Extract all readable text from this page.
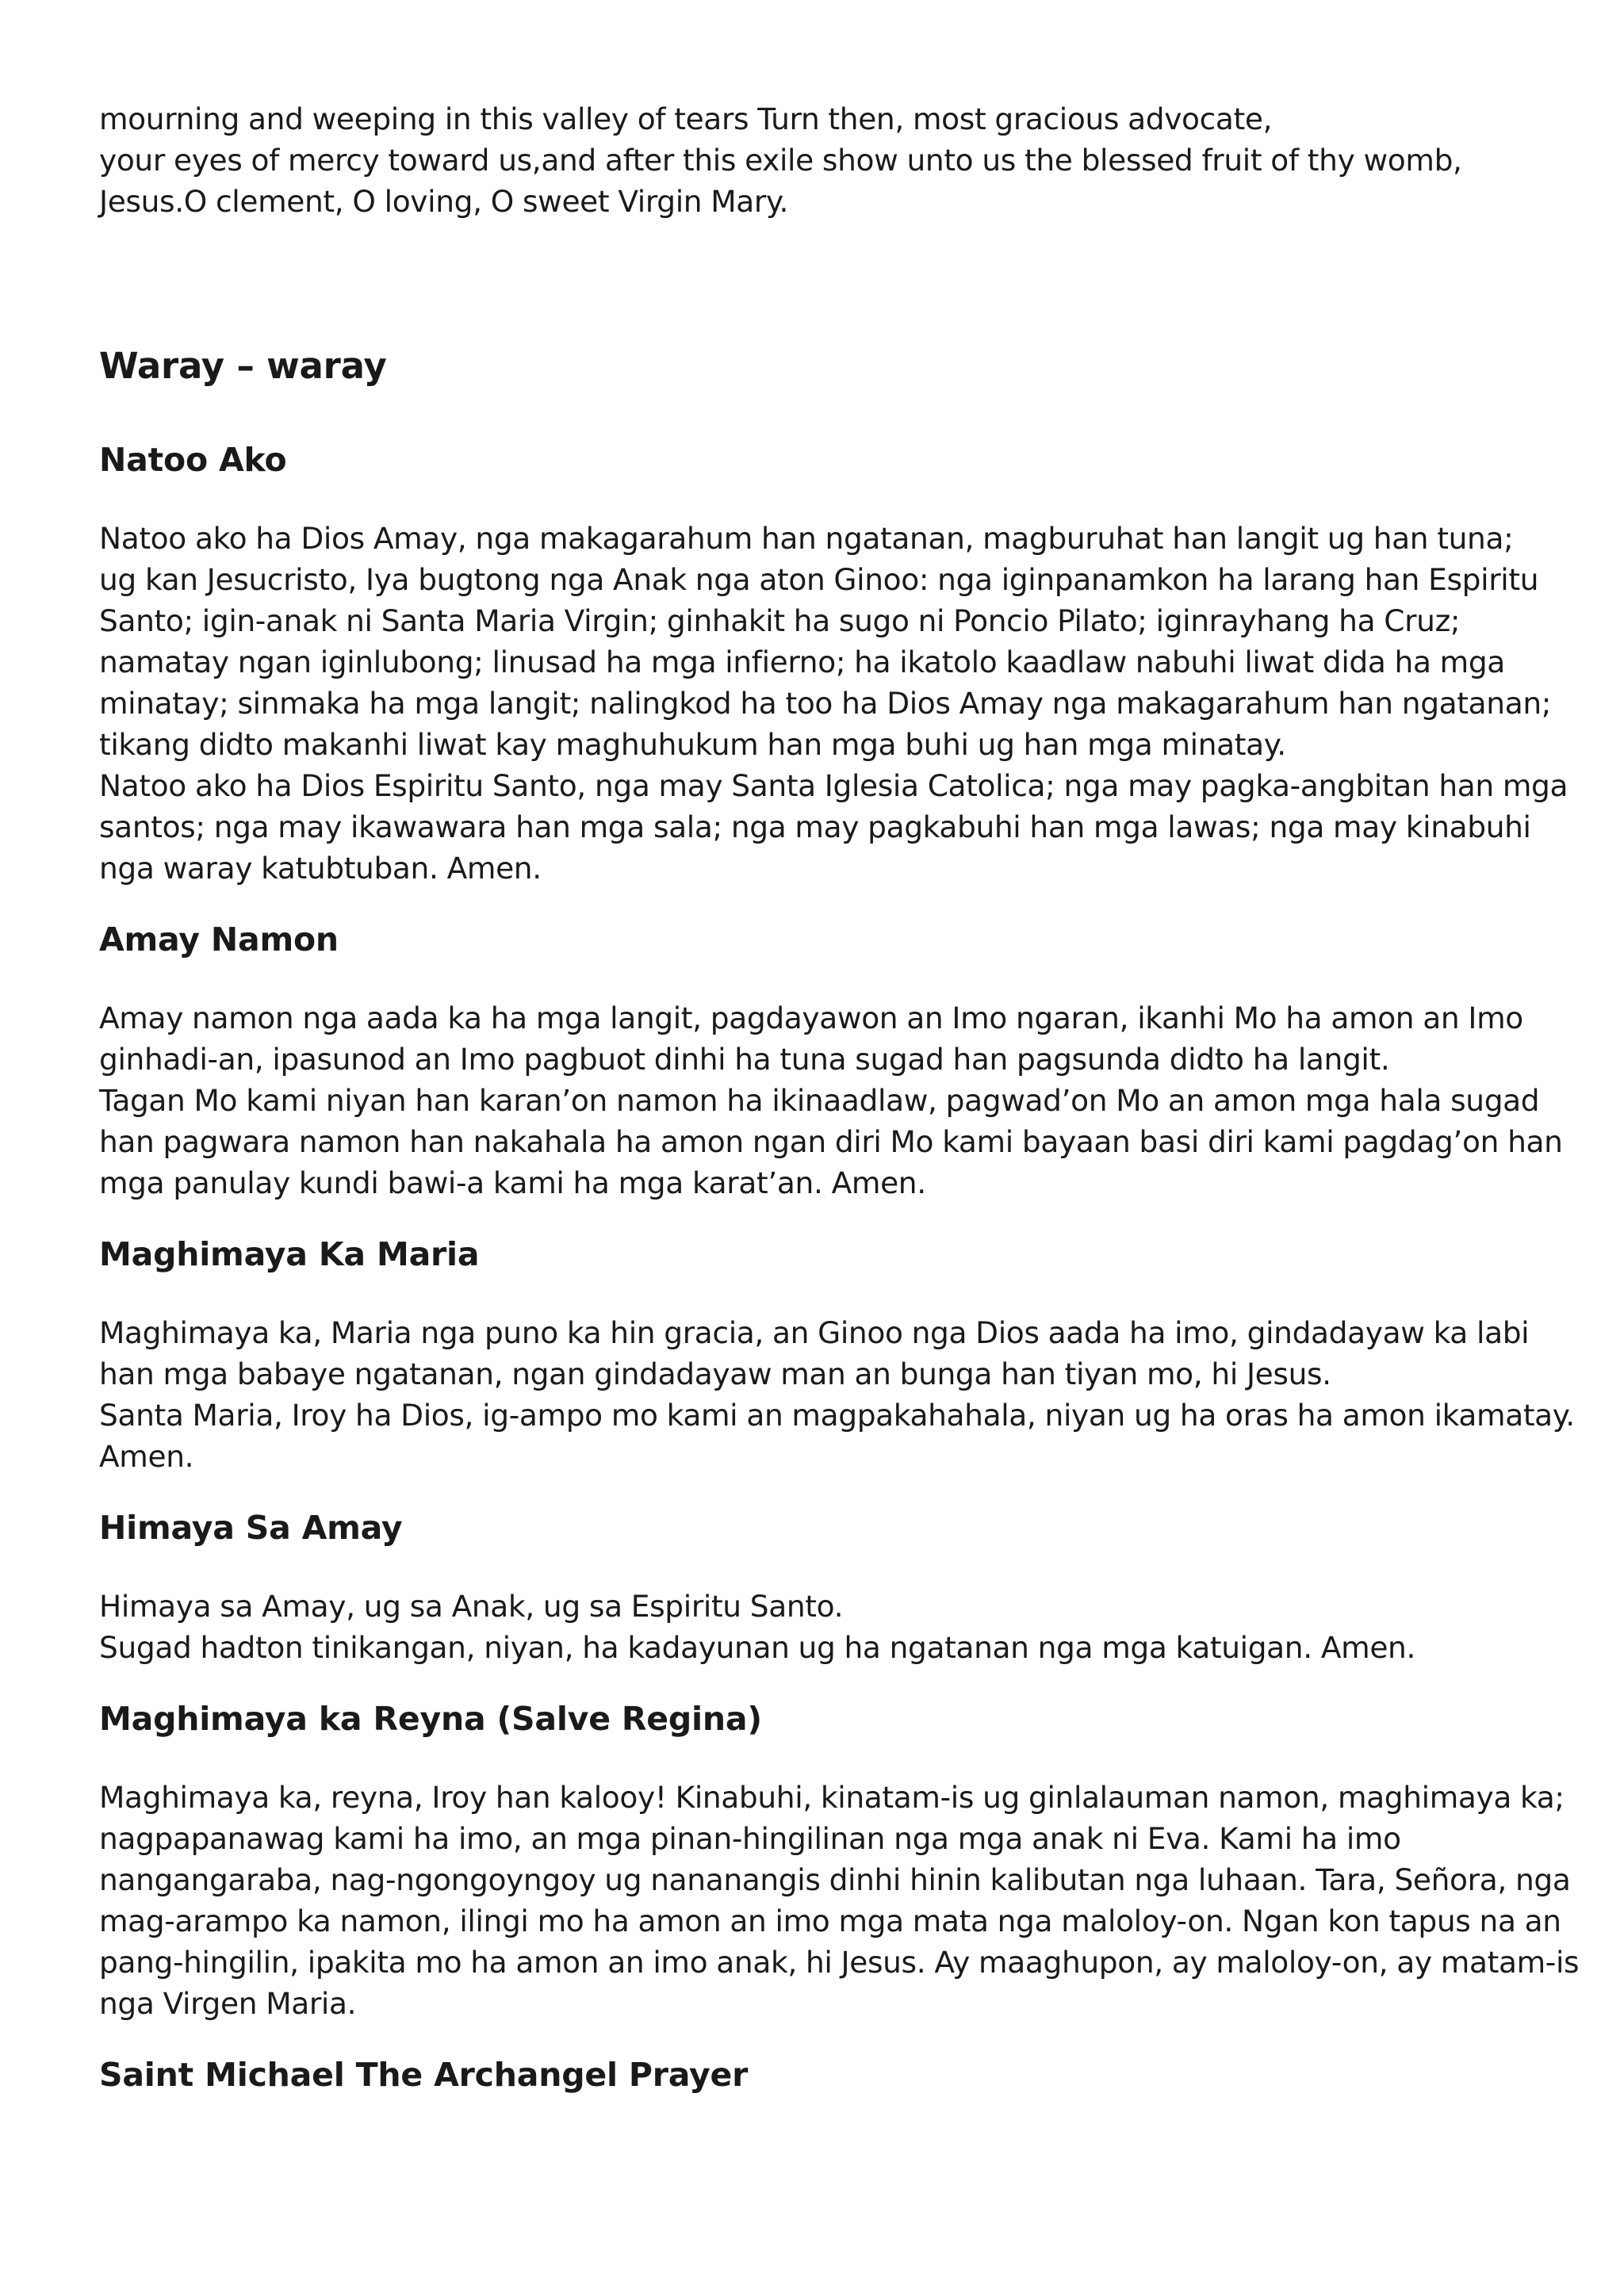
mourning and weeping in this valley of tears Turn then, most gracious advocate,
your eyes of mercy toward us,and after this exile show unto us the blessed fruit of thy womb,
Jesus.O clement, O loving, O sweet Virgin Mary.
Waray – waray
Natoo Ako
Natoo ako ha Dios Amay, nga makagarahum han ngatanan, magburuhat han langit ug han tuna;
ug kan Jesucristo, Iya bugtong nga Anak nga aton Ginoo: nga iginpanamkon ha larang han Espiritu
Santo; igin-anak ni Santa Maria Virgin; ginhakit ha sugo ni Poncio Pilato; iginrayhang ha Cruz;
namatay ngan iginlubong; linusad ha mga infierno; ha ikatolo kaadlaw nabuhi liwat dida ha mga
minatay; sinmaka ha mga langit; nalingkod ha too ha Dios Amay nga makagarahum han ngatanan;
tikang didto makanhi liwat kay maghuhukum han mga buhi ug han mga minatay.
Natoo ako ha Dios Espiritu Santo, nga may Santa Iglesia Catolica; nga may pagka-angbitan han mga
santos; nga may ikawawara han mga sala; nga may pagkabuhi han mga lawas; nga may kinabuhi
nga waray katubtuban. Amen.
Amay Namon
Amay namon nga aada ka ha mga langit, pagdayawon an Imo ngaran, ikanhi Mo ha amon an Imo
ginhadi-an, ipasunod an Imo pagbuot dinhi ha tuna sugad han pagsunda didto ha langit.
Tagan Mo kami niyan han karan’on namon ha ikinaadlaw, pagwad’on Mo an amon mga hala sugad
han pagwara namon han nakahala ha amon ngan diri Mo kami bayaan basi diri kami pagdag’on han
mga panulay kundi bawi-a kami ha mga karat’an. Amen.
Maghimaya Ka Maria
Maghimaya ka, Maria nga puno ka hin gracia, an Ginoo nga Dios aada ha imo, gindadayaw ka labi
han mga babaye ngatanan, ngan gindadayaw man an bunga han tiyan mo, hi Jesus.
Santa Maria, Iroy ha Dios, ig-ampo mo kami an magpakahahala, niyan ug ha oras ha amon ikamatay.
Amen.
Himaya Sa Amay
Himaya sa Amay, ug sa Anak, ug sa Espiritu Santo.
Sugad hadton tinikangan, niyan, ha kadayunan ug ha ngatanan nga mga katuigan. Amen.
Maghimaya ka Reyna (Salve Regina)
Maghimaya ka, reyna, Iroy han kalooy! Kinabuhi, kinatam-is ug ginlalauman namon, maghimaya ka;
nagpapanawag kami ha imo, an mga pinan-hingilinan nga mga anak ni Eva. Kami ha imo
nangangaraba, nag-ngongoyngoy ug nananangis dinhi hinin kalibutan nga luhaan. Tara, Señora, nga
mag-arampo ka namon, ilingi mo ha amon an imo mga mata nga maloloy-on. Ngan kon tapus na an
pang-hingilin, ipakita mo ha amon an imo anak, hi Jesus. Ay maaghupon, ay maloloy-on, ay matam-is
nga Virgen Maria.
Saint Michael The Archangel Prayer
